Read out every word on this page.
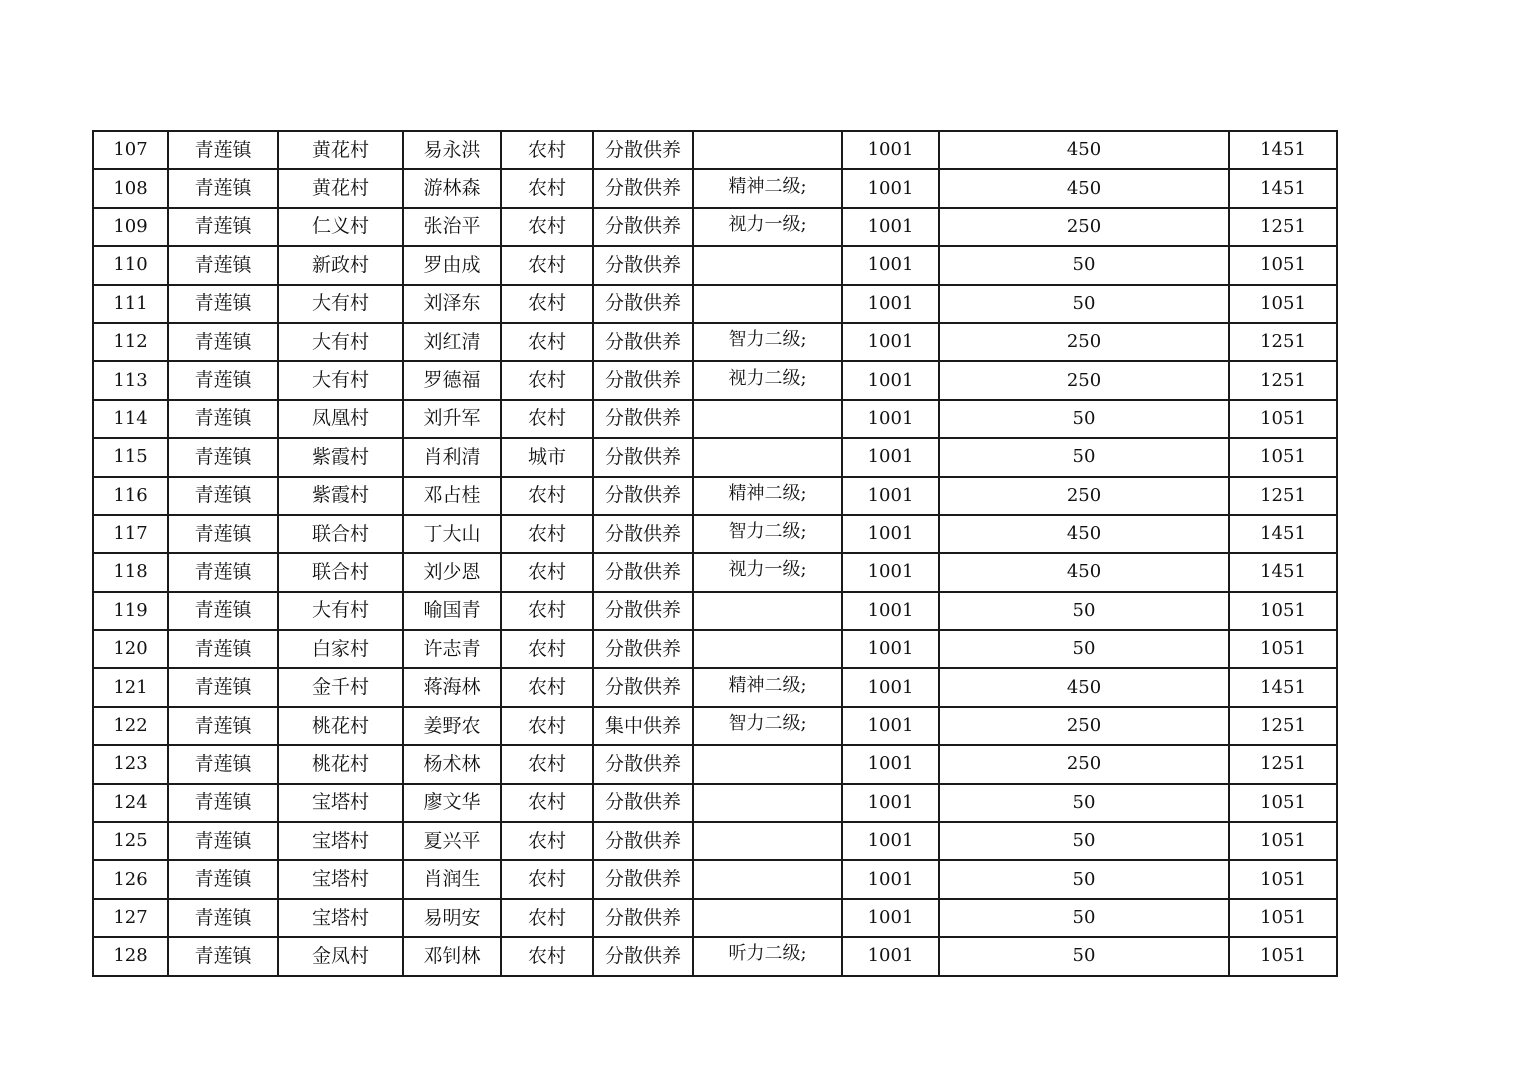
107	青莲镇	黄花村	易永洪	农村	分散供养		1001	450	1451
108	青莲镇	黄花村	游林森	农村	分散供养	精神二级;	1001	450	1451
109	青莲镇	仁义村	张治平	农村	分散供养	视力一级;	1001	250	1251
110	青莲镇	新政村	罗由成	农村	分散供养		1001	50	1051
111	青莲镇	大有村	刘泽东	农村	分散供养		1001	50	1051
112	青莲镇	大有村	刘红清	农村	分散供养	智力二级;	1001	250	1251
113	青莲镇	大有村	罗德福	农村	分散供养	视力二级;	1001	250	1251
114	青莲镇	凤凰村	刘升军	农村	分散供养		1001	50	1051
115	青莲镇	紫霞村	肖利清	城市	分散供养		1001	50	1051
116	青莲镇	紫霞村	邓占桂	农村	分散供养	精神二级;	1001	250	1251
117	青莲镇	联合村	丁大山	农村	分散供养	智力二级;	1001	450	1451
118	青莲镇	联合村	刘少恩	农村	分散供养	视力一级;	1001	450	1451
119	青莲镇	大有村	喻国青	农村	分散供养		1001	50	1051
120	青莲镇	白家村	许志青	农村	分散供养		1001	50	1051
121	青莲镇	金千村	蒋海林	农村	分散供养	精神二级;	1001	450	1451
122	青莲镇	桃花村	姜野农	农村	集中供养	智力二级;	1001	250	1251
123	青莲镇	桃花村	杨术林	农村	分散供养		1001	250	1251
124	青莲镇	宝塔村	廖文华	农村	分散供养		1001	50	1051
125	青莲镇	宝塔村	夏兴平	农村	分散供养		1001	50	1051
126	青莲镇	宝塔村	肖润生	农村	分散供养		1001	50	1051
127	青莲镇	宝塔村	易明安	农村	分散供养		1001	50	1051
128	青莲镇	金凤村	邓钊林	农村	分散供养	听力二级;	1001	50	1051
